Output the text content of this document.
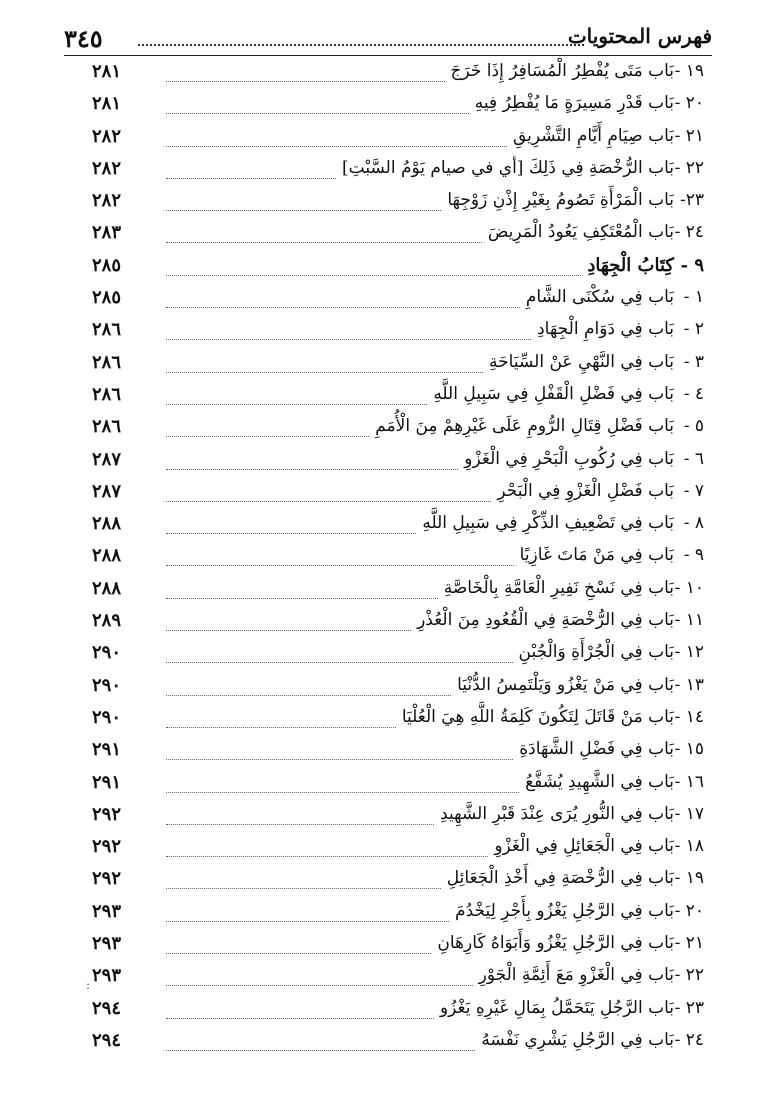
فهرس المحتويات
٣٤٥
١٩ -
بَاب مَتَى يُفْطِرُ الْمُسَافِرُ إِذَا خَرَجَ
٢٨١
٢٠ -
بَاب قَدْرِ مَسِيرَةٍ مَا يُفْطِرُ فِيهِ
٢٨١
٢١ -
بَاب صِيَامِ أَيَّامِ التَّشْرِيقِ
٢٨٢
٢٢ -
بَاب الرُّخْصَةِ فِي ذَلِكَ [أي في صيام يَوْمُ السَّبْتِ]
٢٨٢
٢٣-
بَاب الْمَرْأَةِ تَصُومُ بِغَيْرِ إِذْنِ زَوْجِهَا
٢٨٢
٢٤ -
بَاب الْمُعْتَكِفِ يَعُودُ الْمَرِيضَ
٢٨٣
٩ -
كِتَابُ الْجِهَادِ
٢٨٥
١ -
بَاب فِي سُكْنَى الشَّامِ
٢٨٥
٢ -
بَاب فِي دَوَامِ الْجِهَادِ
٢٨٦
٣ -
بَاب فِي النَّهْيِ عَنْ السِّيَاحَةِ
٢٨٦
٤ -
بَاب فِي فَضْلِ الْقَفْلِ فِي سَبِيلِ اللَّهِ
٢٨٦
٥ -
بَاب فَضْلِ قِتَالِ الرُّومِ عَلَى غَيْرِهِمْ مِنَ الْأُمَمِ
٢٨٦
٦ -
بَاب فِي رُكُوبِ الْبَحْرِ فِي الْغَزْوِ
٢٨٧
٧ -
بَاب فَضْلِ الْغَزْوِ فِي الْبَحْرِ
٢٨٧
٨ -
بَاب فِي تَضْعِيفِ الذِّكْرِ فِي سَبِيلِ اللَّهِ
٢٨٨
٩ -
بَاب فِي مَنْ مَاتَ غَازِيًا
٢٨٨
١٠ -
بَاب فِي نَسْخِ نَفِيرِ الْعَامَّةِ بِالْخَاصَّةِ
٢٨٨
١١ -
بَاب فِي الرُّخْصَةِ فِي الْقُعُودِ مِنَ الْعُذْرِ
٢٨٩
١٢ -
بَاب فِي الْجُرْأَةِ وَالْجُبْنِ
٢٩٠
١٣ -
بَاب فِي مَنْ يَغْزُو وَيَلْتَمِسُ الدُّنْيَا
٢٩٠
١٤ -
بَاب مَنْ قَاتَلَ لِتَكُونَ كَلِمَةُ اللَّهِ هِيَ الْعُلْيَا
٢٩٠
١٥ -
بَاب فِي فَضْلِ الشَّهَادَةِ
٢٩١
١٦ -
بَاب فِي الشَّهِيدِ يُشَفَّعُ
٢٩١
١٧ -
بَاب فِي النُّورِ يُرَى عِنْدَ قَبْرِ الشَّهِيدِ
٢٩٢
١٨ -
بَاب فِي الْجَعَائِلِ فِي الْغَزْوِ
٢٩٢
١٩ -
بَاب فِي الرُّخْصَةِ فِي أَخْذِ الْجَعَائِلِ
٢٩٢
٢٠ -
بَاب فِي الرَّجُلِ يَغْزُو بِأَجْرِ لِيَخْدُمَ
٢٩٣
٢١ -
بَاب فِي الرَّجُلِ يَغْزُو وَأَبَوَاهُ كَارِهَانِ
٢٩٣
٢٢ -
بَاب فِي الْغَزْوِ مَعَ أَئِمَّةِ الْجَوْرِ
٢٩٣
٢٣ -
بَاب الرَّجُلِ يَتَحَمَّلُ بِمَالِ غَيْرِهِ يَغْزُو
٢٩٤
٢٤ -
بَاب فِي الرَّجُلِ يَشْرِي نَفْسَهُ
٢٩٤
:
